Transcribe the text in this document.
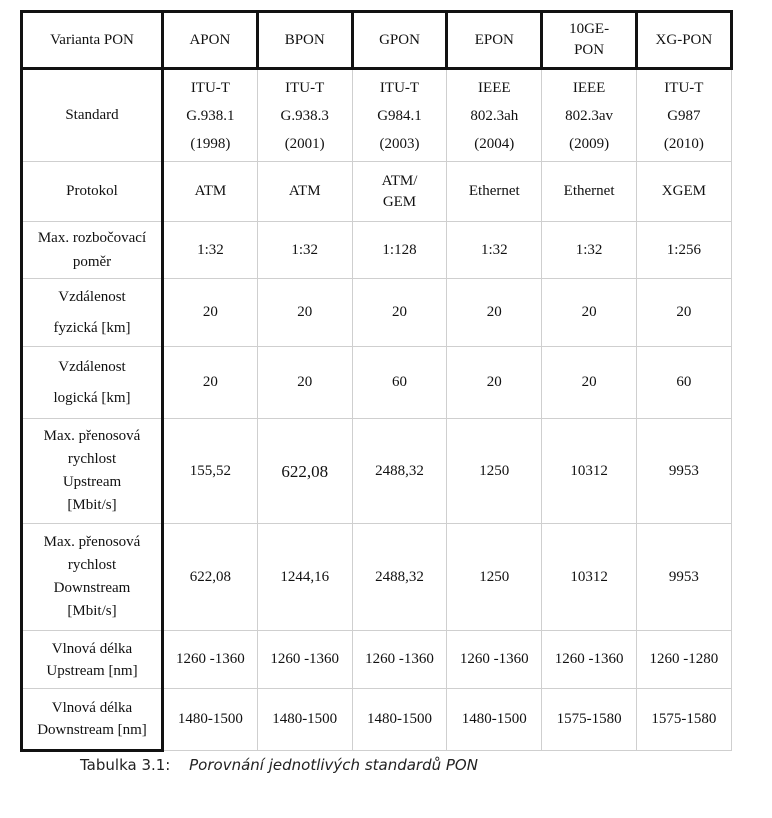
Varianta PON	APON	BPON	GPON	EPON	10GE-PON	XG-PON
Standard	ITU-T G.938.1 (1998)	ITU-T G.938.3 (2001)	ITU-T G984.1 (2003)	IEEE 802.3ah (2004)	IEEE 802.3av (2009)	ITU-T G987 (2010)
Protokol	ATM	ATM	ATM/ GEM	Ethernet	Ethernet	XGEM
Max. rozbočovací poměr	1:32	1:32	1:128	1:32	1:32	1:256
Vzdálenost fyzická [km]	20	20	20	20	20	20
Vzdálenost logická [km]	20	20	60	20	20	60
Max. přenosová rychlost Upstream [Mbit/s]	155,52	622,08	2488,32	1250	10312	9953
Max. přenosová rychlost Downstream [Mbit/s]	622,08	1244,16	2488,32	1250	10312	9953
Vlnová délka Upstream [nm]	1260 -1360	1260 -1360	1260 -1360	1260 -1360	1260 -1360	1260 -1280
Vlnová délka Downstream [nm]	1480-1500	1480-1500	1480-1500	1480-1500	1575-1580	1575-1580
Tabulka 3.1: Porovnání jednotlivých standardů PON
